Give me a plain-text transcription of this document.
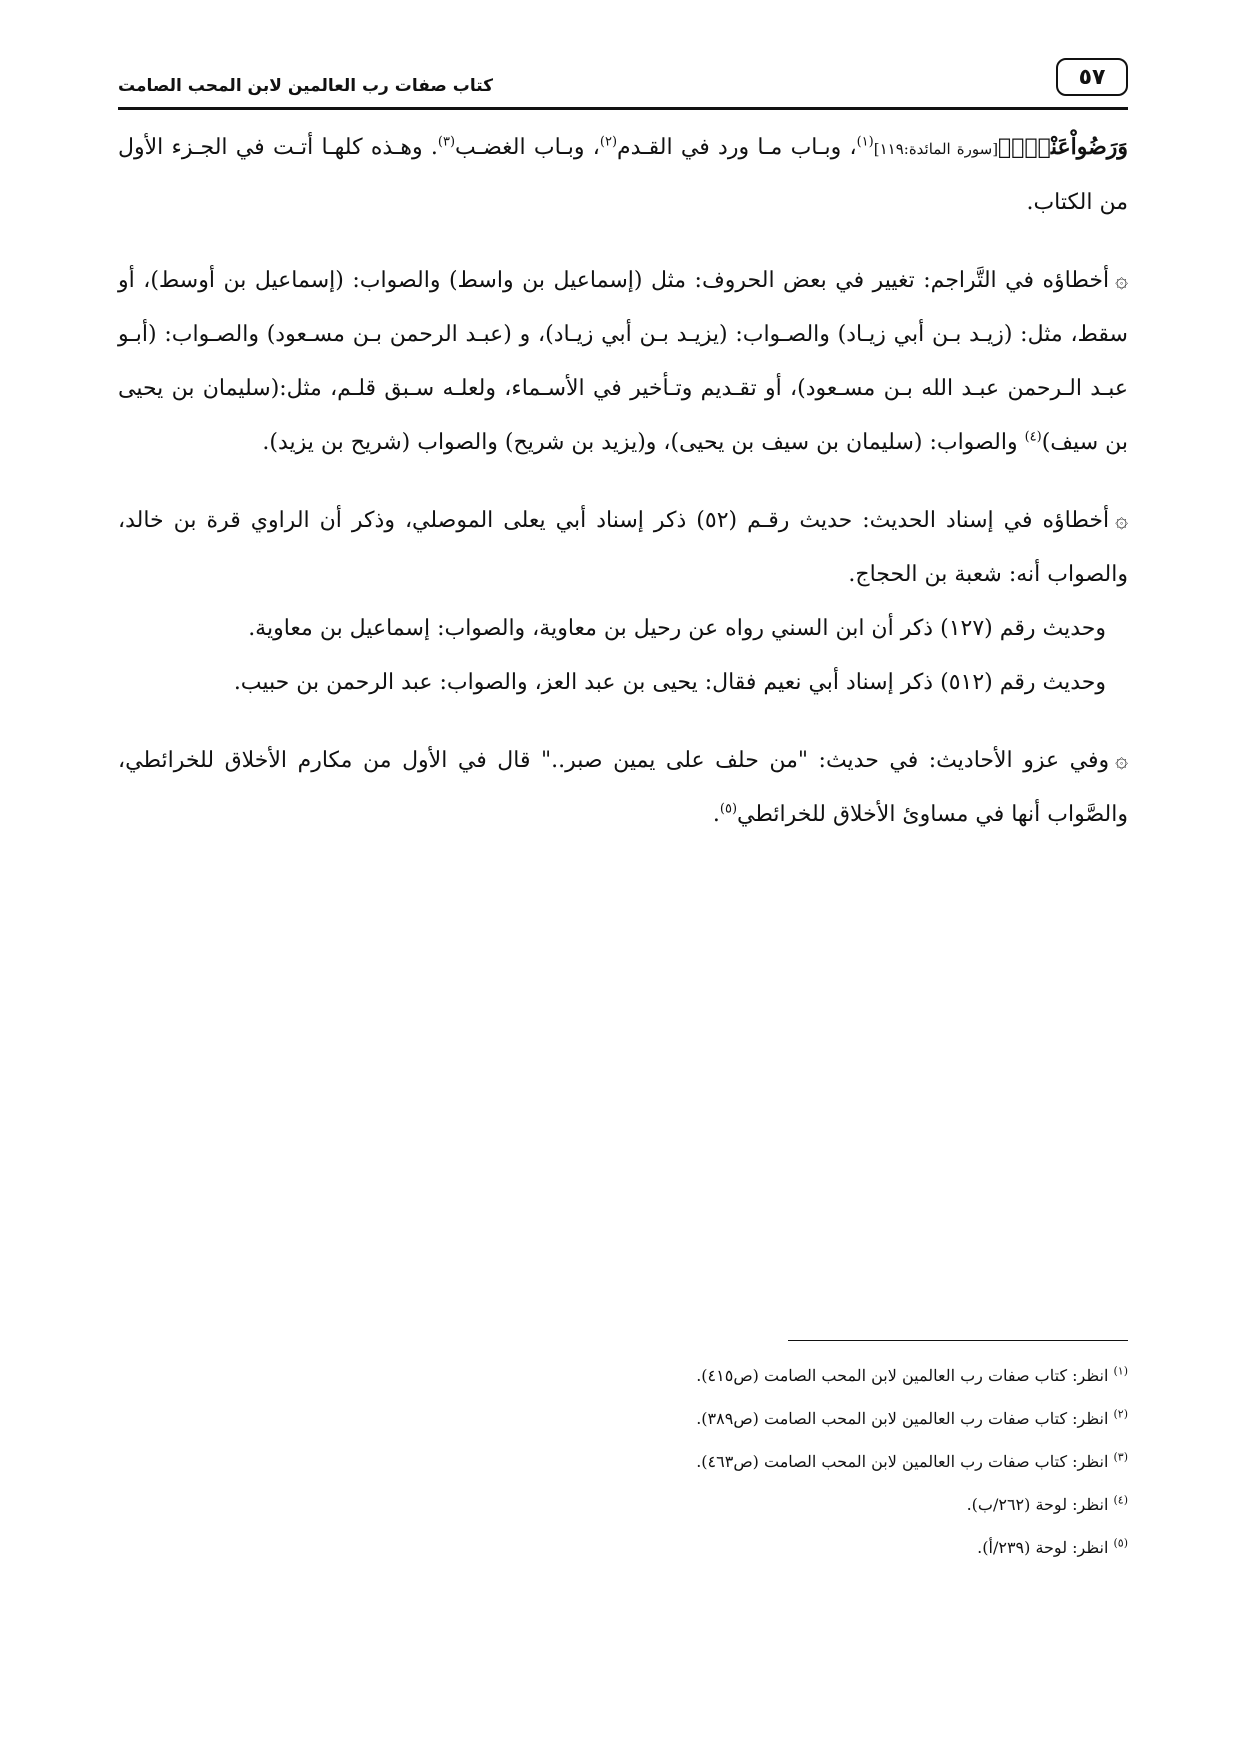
٥٧
كتاب صفات رب العالمين لابن المحب الصامت

وَرَضُواْعَنْهُۚ﴾[سورة المائدة:١١٩]$^{(١)}$، وبـاب مـا ورد في القـدم$^{(٢)}$، وبـاب الغضـب$^{(٣)}$. وهـذه كلهـا أتـت في الجـزء الأول من الكتاب.

۞أخطاؤه في التَّراجم: تغيير في بعض الحروف: مثل (إسماعيل بن واسط) والصواب: (إسماعيل بن أوسط)، أو سقط، مثل: (زيـد بـن أبي زيـاد) والصـواب: (يزيـد بـن أبي زيـاد)، و (عبـد الرحمن بـن مسـعود) والصـواب: (أبـو عبـد الـرحمن عبـد الله بـن مسـعود)، أو تقـديم وتـأخير في الأسـماء، ولعلـه سـبق قلـم، مثل:(سليمان بن يحيى بن سيف)$^{(٤)}$ والصواب: (سليمان بن سيف بن يحيى)، و(يزيد بن شريح) والصواب (شريح بن يزيد).

۞أخطاؤه في إسناد الحديث: حديث رقـم (٥٢) ذكر إسناد أبي يعلى الموصلي، وذكر أن الراوي قرة بن خالد، والصواب أنه: شعبة بن الحجاج.

وحديث رقم (١٢٧) ذكر أن ابن السني رواه عن رحيل بن معاوية، والصواب: إسماعيل بن معاوية.

وحديث رقم (٥١٢) ذكر إسناد أبي نعيم فقال: يحيى بن عبد العز، والصواب: عبد الرحمن بن حبيب.

۞وفي عزو الأحاديث: في حديث: "من حلف على يمين صبر.." قال في الأول من مكارم الأخلاق للخرائطي، والصَّواب أنها في مساوئ الأخلاق للخرائطي$^{(٥)}$.

$^{(١)}$ انظر: كتاب صفات رب العالمين لابن المحب الصامت (ص٤١٥).

$^{(٢)}$ انظر: كتاب صفات رب العالمين لابن المحب الصامت (ص٣٨٩).

$^{(٣)}$ انظر: كتاب صفات رب العالمين لابن المحب الصامت (ص٤٦٣).

$^{(٤)}$ انظر: لوحة (٢٦٢/ب).

$^{(٥)}$ انظر: لوحة (٢٣٩/أ).
